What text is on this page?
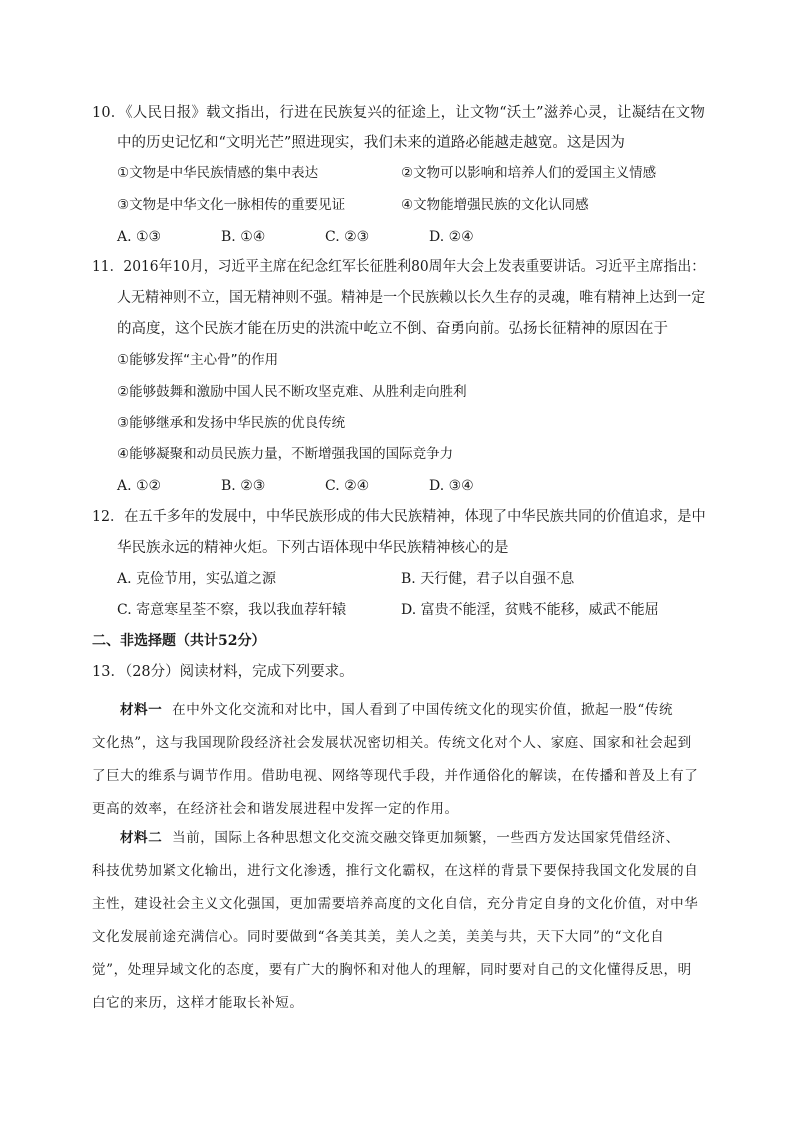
10．《人民日报》载文指出，行进在民族复兴的征途上，让文物“沃土”滋养心灵，让凝结在文物
中的历史记忆和“文明光芒”照进现实，我们未来的道路必能越走越宽。这是因为
①文物是中华民族情感的集中表达	②文物可以影响和培养人们的爱国主义情感
③文物是中华文化一脉相传的重要见证	④文物能增强民族的文化认同感
A. ①③	B. ①④	C. ②③	D. ②④
11．2016年10月，习近平主席在纪念红军长征胜利80周年大会上发表重要讲话。习近平主席指出：
人无精神则不立，国无精神则不强。精神是一个民族赖以长久生存的灵魂，唯有精神上达到一定
的高度，这个民族才能在历史的洪流中屹立不倒、奋勇向前。弘扬长征精神的原因在于
①能够发挥“主心骨”的作用
②能够鼓舞和激励中国人民不断攻坚克难、从胜利走向胜利
③能够继承和发扬中华民族的优良传统
④能够凝聚和动员民族力量，不断增强我国的国际竞争力
A. ①②	B. ②③	C. ②④	D. ③④
12．在五千多年的发展中，中华民族形成的伟大民族精神，体现了中华民族共同的价值追求，是中
华民族永远的精神火炬。下列古语体现中华民族精神核心的是
A. 克俭节用，实弘道之源	B. 天行健，君子以自强不息
C. 寄意寒星荃不察，我以我血荐轩辕	D. 富贵不能淫，贫贱不能移，威武不能屈
二、非选择题（共计52分）
13．（28分）阅读材料，完成下列要求。
材料一 在中外文化交流和对比中，国人看到了中国传统文化的现实价值，掀起一股“传统
文化热”，这与我国现阶段经济社会发展状况密切相关。传统文化对个人、家庭、国家和社会起到
了巨大的维系与调节作用。借助电视、网络等现代手段，并作通俗化的解读，在传播和普及上有了
更高的效率，在经济社会和谐发展进程中发挥一定的作用。
材料二 当前，国际上各种思想文化交流交融交锋更加频繁，一些西方发达国家凭借经济、
科技优势加紧文化输出，进行文化渗透，推行文化霸权，在这样的背景下要保持我国文化发展的自
主性，建设社会主义文化强国，更加需要培养高度的文化自信，充分肯定自身的文化价值，对中华
文化发展前途充满信心。同时要做到“各美其美，美人之美，美美与共，天下大同”的“文化自
觉”，处理异域文化的态度，要有广大的胸怀和对他人的理解，同时要对自己的文化懂得反思，明
白它的来历，这样才能取长补短。
